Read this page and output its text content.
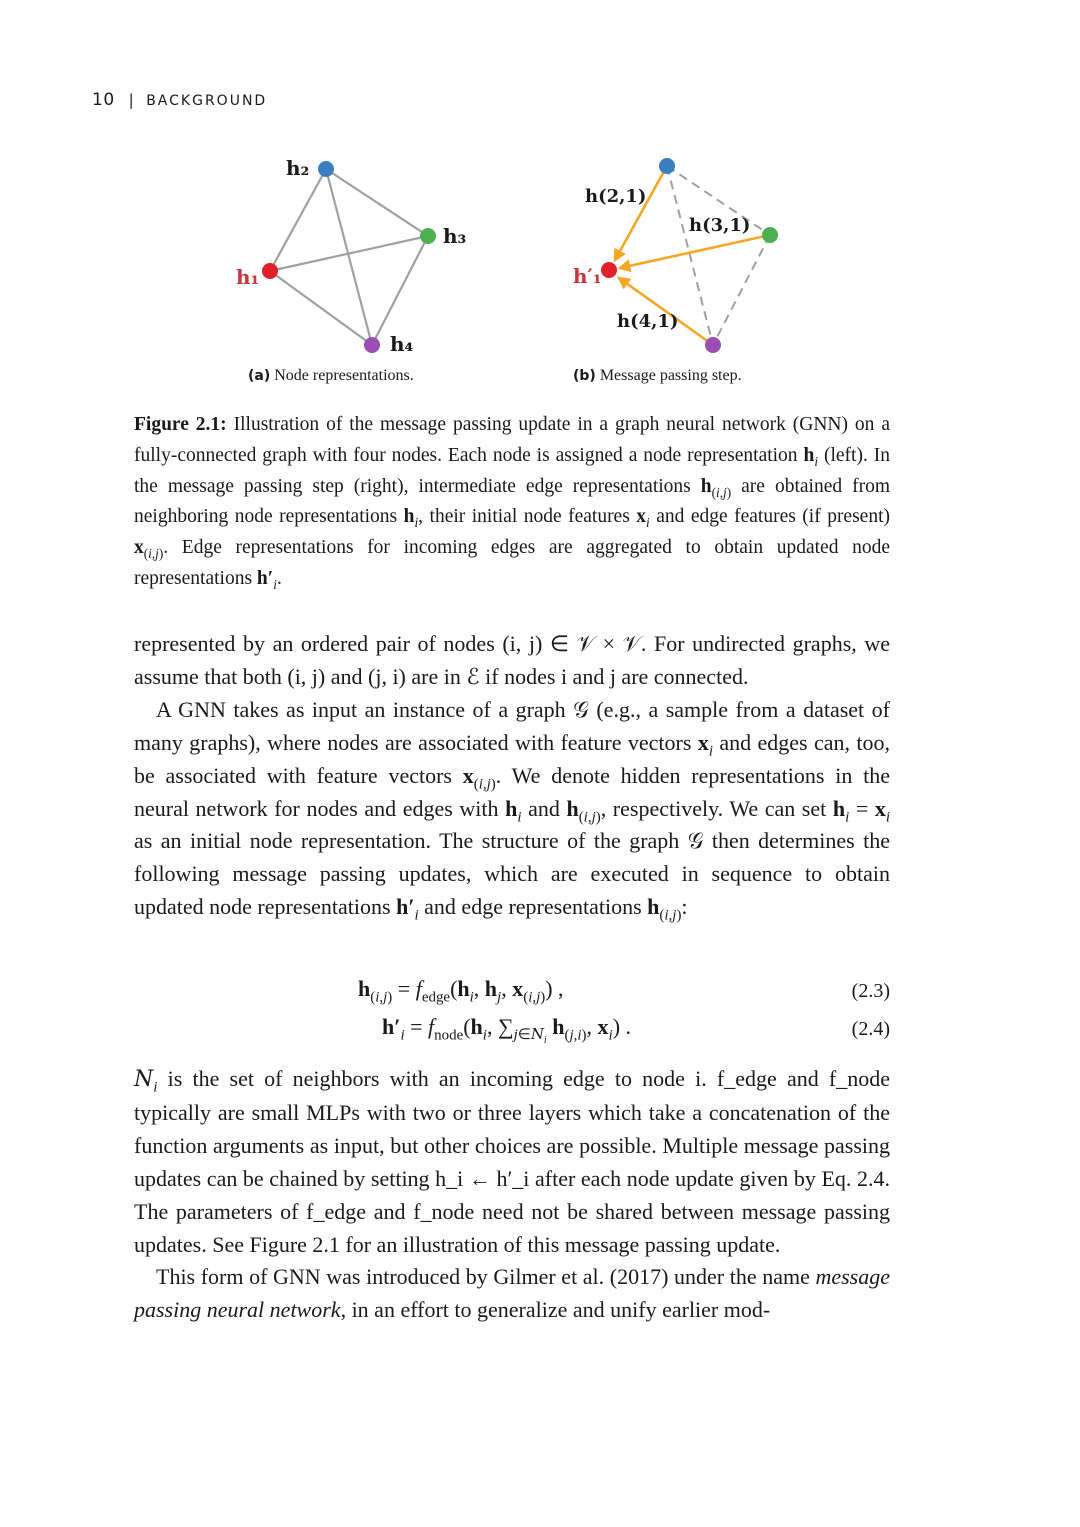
10 | BACKGROUND
h₁
h₂
h₃
h₄
h′₁
h(2,1)
h(3,1)
h(4,1)
(a) Node representations.	(b) Message passing step.
Figure 2.1: Illustration of the message passing update in a graph neural network (GNN) on a fully-connected graph with four nodes. Each node is assigned a node representation $h_i$ (left). In the message passing step (right), intermediate edge representations $h_{(i,j)}$ are obtained from neighboring node representations $h_i$, their initial node features $x_i$ and edge features (if present) $x_{(i,j)}$. Edge representations for incoming edges are aggregated to obtain updated node representations $h'_i$.

represented by an ordered pair of nodes (i, j) ∈ 𝒱 × 𝒱. For undirected graphs, we assume that both (i, j) and (j, i) are in ℰ if nodes i and j are connected.

A GNN takes as input an instance of a graph 𝒢 (e.g., a sample from a dataset of many graphs), where nodes are associated with feature vectors $x_i$ and edges can, too, be associated with feature vectors $x_{(i,j)}$. We denote hidden representations in the neural network for nodes and edges with $h_i$ and $h_{(i,j)}$, respectively. We can set $h_i = x_i$ as an initial node representation. The structure of the graph 𝒢 then determines the following message passing updates, which are executed in sequence to obtain updated node representations $h'_i$ and edge representations $h_{(i,j)}$:

$h_{(i,j)} = f_{edge}(h_i$, $h_j$, $x_{(i,j)}$) ,	(2.3)
$h'_i = f_{node}(h_i$, $\sum_{j\in N_i}$ $h_{(j,i)}$, $x_i$) .	(2.4)

$N_i$ is the set of neighbors with an incoming edge to node i. f_edge and f_node typically are small MLPs with two or three layers which take a concatenation of the function arguments as input, but other choices are possible. Multiple message passing updates can be chained by setting h_i ← h′_i after each node update given by Eq. 2.4. The parameters of f_edge and f_node need not be shared between message passing updates. See Figure 2.1 for an illustration of this message passing update.

This form of GNN was introduced by Gilmer et al. (2017) under the name message passing neural network, in an effort to generalize and unify earlier mod-
